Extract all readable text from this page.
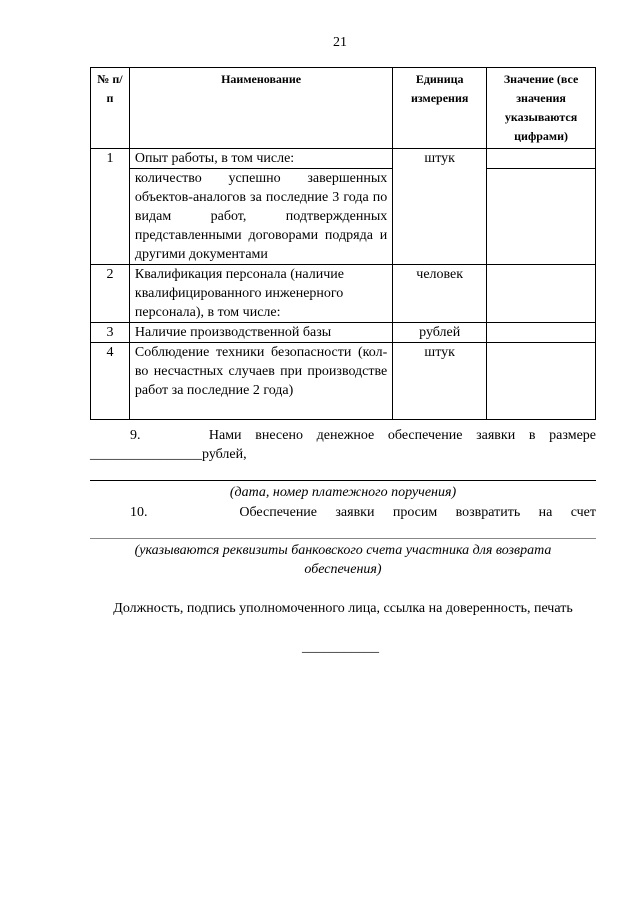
21
№ п/п	Наименование	Единица измерения	Значение (все значения указываются цифрами)
1	Опыт работы, в том числе:	штук	

	количество успешно завершенных объектов-аналогов за последние 3 года по видам работ, подтвержденных представленными договорами подряда и другими документами		

2	Квалификация персонала (наличие квалифицированного инженерного персонала), в том числе:	человек	
3	Наличие производственной базы	рублей	
4	Соблюдение техники безопасности (кол-во несчастных случаев при производстве работ за последние 2 года)	штук	
9.	Нами внесено денежное обеспечение заявки в размере
________________рублей,
(дата, номер платежного поручения)
10.	Обеспечение заявки просим возвратить на счет
(указываются реквизиты банковского счета участника для возврата обеспечения)
Должность, подпись уполномоченного лица, ссылка на доверенность, печать
___________
